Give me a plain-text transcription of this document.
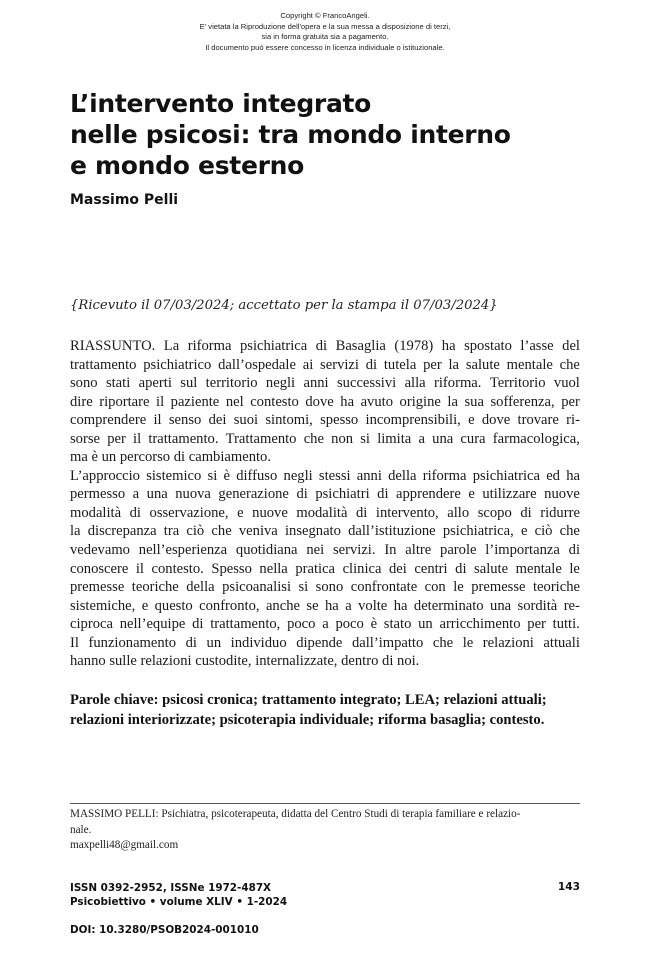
Copyright © FrancoAngeli.
E' vietata la Riproduzione dell'opera e la sua messa a disposizione di terzi,
sia in forma gratuita sia a pagamento.
Il documento può essere concesso in licenza individuale o istituzionale.
L’intervento integrato
nelle psicosi: tra mondo interno
e mondo esterno
Massimo Pelli
{Ricevuto il 07/03/2024; accettato per la stampa il 07/03/2024}
RIASSUNTO. La riforma psichiatrica di Basaglia (1978) ha spostato l’asse del
trattamento psichiatrico dall’ospedale ai servizi di tutela per la salute mentale che
sono stati aperti sul territorio negli anni successivi alla riforma. Territorio vuol
dire riportare il paziente nel contesto dove ha avuto origine la sua sofferenza, per
comprendere il senso dei suoi sintomi, spesso incomprensibili, e dove trovare ri-
sorse per il trattamento. Trattamento che non si limita a una cura farmacologica,
ma è un percorso di cambiamento.
L’approccio sistemico si è diffuso negli stessi anni della riforma psichiatrica ed ha
permesso a una nuova generazione di psichiatri di apprendere e utilizzare nuove
modalità di osservazione, e nuove modalità di intervento, allo scopo di ridurre
la discrepanza tra ciò che veniva insegnato dall’istituzione psichiatrica, e ciò che
vedevamo nell’esperienza quotidiana nei servizi. In altre parole l’importanza di
conoscere il contesto. Spesso nella pratica clinica dei centri di salute mentale le
premesse teoriche della psicoanalisi si sono confrontate con le premesse teoriche
sistemiche, e questo confronto, anche se ha a volte ha determinato una sordità re-
ciproca nell’equipe di trattamento, poco a poco è stato un arricchimento per tutti.
Il funzionamento di un individuo dipende dall’impatto che le relazioni attuali
hanno sulle relazioni custodite, internalizzate, dentro di noi.
Parole chiave: psicosi cronica; trattamento integrato; LEA; relazioni attuali;
relazioni interiorizzate; psicoterapia individuale; riforma basaglia; contesto.
MASSIMO PELLI: Psichiatra, psicoterapeuta, didatta del Centro Studi di terapia familiare e relazio-
nale.
maxpelli48@gmail.com
ISSN 0392-2952, ISSNe 1972-487X
Psicobiettivo • volume XLIV • 1-2024
143
DOI: 10.3280/PSOB2024-001010
